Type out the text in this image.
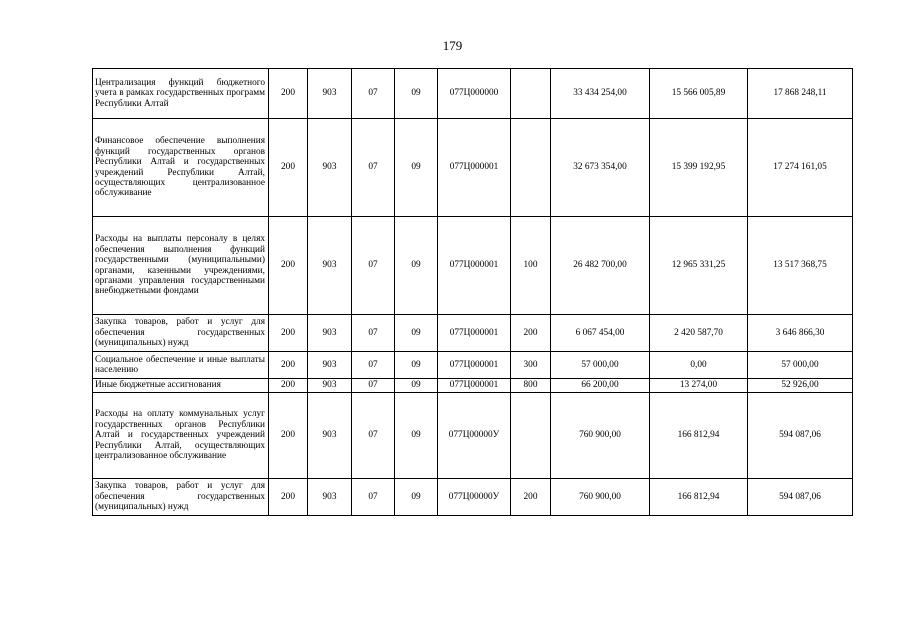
179
Централизация функций бюджетного учета в рамках государственных программ Республики Алтай	200	903	07	09	077Ц000000		33 434 254,00	15 566 005,89	17 868 248,11
Финансовое обеспечение выполнения функций государственных органов Республики Алтай и государственных учреждений Республики Алтай, осуществляющих централизованное обслуживание	200	903	07	09	077Ц000001		32 673 354,00	15 399 192,95	17 274 161,05
Расходы на выплаты персоналу в целях обеспечения выполнения функций государственными (муниципальными) органами, казенными учреждениями, органами управления государственными внебюджетными фондами	200	903	07	09	077Ц000001	100	26 482 700,00	12 965 331,25	13 517 368,75
Закупка товаров, работ и услуг для обеспечения государственных (муниципальных) нужд	200	903	07	09	077Ц000001	200	6 067 454,00	2 420 587,70	3 646 866,30
Социальное обеспечение и иные выплаты населению	200	903	07	09	077Ц000001	300	57 000,00	0,00	57 000,00
Иные бюджетные ассигнования	200	903	07	09	077Ц000001	800	66 200,00	13 274,00	52 926,00
Расходы на оплату коммунальных услуг государственных органов Республики Алтай и государственных учреждений Республики Алтай, осуществляющих централизованное обслуживание	200	903	07	09	077Ц00000У		760 900,00	166 812,94	594 087,06
Закупка товаров, работ и услуг для обеспечения государственных (муниципальных) нужд	200	903	07	09	077Ц00000У	200	760 900,00	166 812,94	594 087,06
